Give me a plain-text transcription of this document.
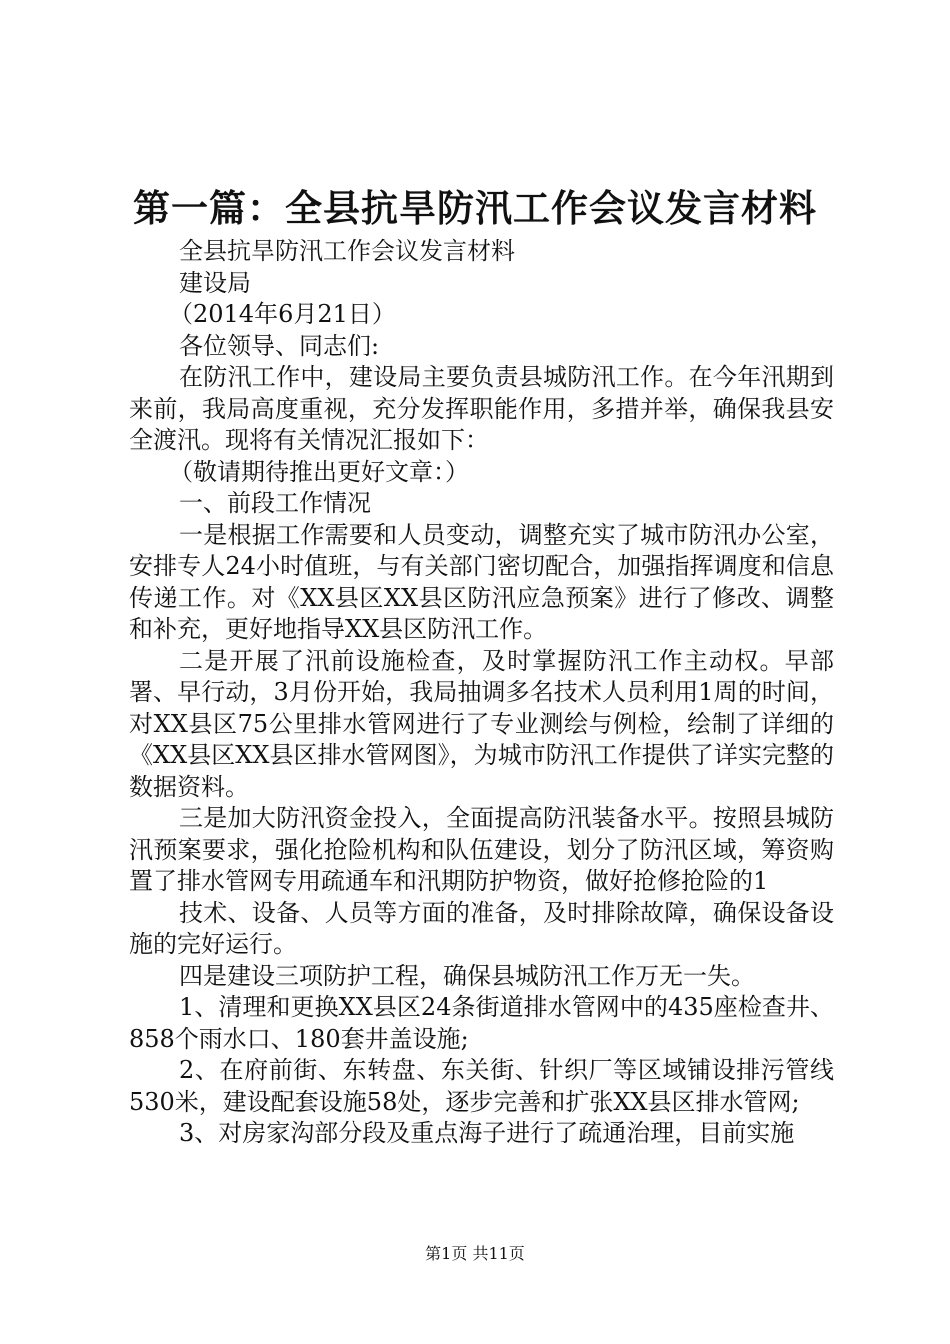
第一篇：全县抗旱防汛工作会议发言材料

全县抗旱防汛工作会议发言材料

建设局

（2014年6月21日）

各位领导、同志们:

在防汛工作中，建设局主要负责县城防汛工作。在今年汛期到来前，我局高度重视，充分发挥职能作用，多措并举，确保我县安全渡汛。现将有关情况汇报如下：

（敬请期待推出更好文章：）

一、前段工作情况

一是根据工作需要和人员变动，调整充实了城市防汛办公室，安排专人24小时值班，与有关部门密切配合，加强指挥调度和信息传递工作。对《XX县区XX县区防汛应急预案》进行了修改、调整和补充，更好地指导XX县区防汛工作。

二是开展了汛前设施检查，及时掌握防汛工作主动权。早部署、早行动，3月份开始，我局抽调多名技术人员利用1周的时间，对XX县区75公里排水管网进行了专业测绘与例检，绘制了详细的《XX县区XX县区排水管网图》，为城市防汛工作提供了详实完整的数据资料。

三是加大防汛资金投入，全面提高防汛装备水平。按照县城防汛预案要求，强化抢险机构和队伍建设，划分了防汛区域，筹资购置了排水管网专用疏通车和汛期防护物资，做好抢修抢险的1

技术、设备、人员等方面的准备，及时排除故障，确保设备设施的完好运行。

四是建设三项防护工程，确保县城防汛工作万无一失。

1、清理和更换XX县区24条街道排水管网中的435座检查井、858个雨水口、180套井盖设施;

2、在府前街、东转盘、东关街、针织厂等区域铺设排污管线530米，建设配套设施58处，逐步完善和扩张XX县区排水管网;

3、对房家沟部分段及重点海子进行了疏通治理，目前实施

第1页 共11页
